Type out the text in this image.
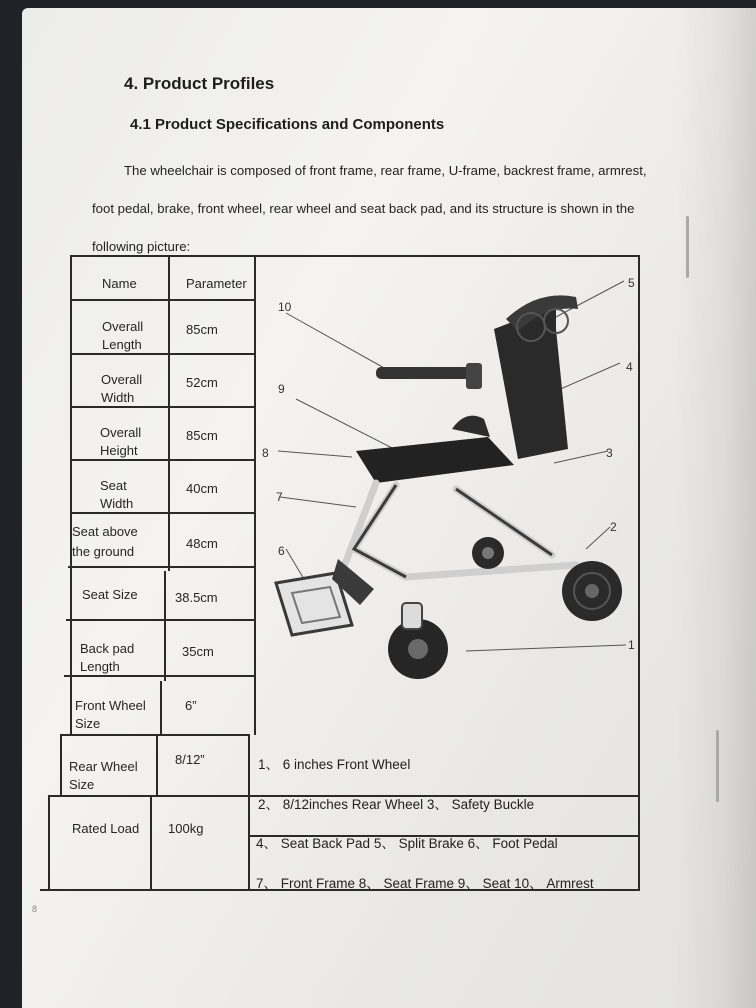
4. Product Profiles
4.1 Product Specifications and Components

The wheelchair is composed of front frame, rear frame, U-frame, backrest frame, armrest, foot pedal, brake, front wheel, rear wheel and seat back pad, and its structure is shown in the following picture:

Name	Parameter
Overall Length
85cm
Overall Width
52cm
Overall Height
85cm
Seat Width
40cm
Seat above the ground
48cm
Seat Size	38.5cm
Back pad Length
35cm
Front Wheel Size
6”
Rear Wheel Size
8/12”
Rated Load 100kg
1、 6 inches Front Wheel
2、 8/12inches Rear Wheel 3、 Safety Buckle
4、 Seat Back Pad 5、 Split Brake 6、 Foot Pedal
7、 Front Frame 8、 Seat Frame 9、 Seat 10、 Armrest
5
4
3
2
1
10
9
8
7
6
8
